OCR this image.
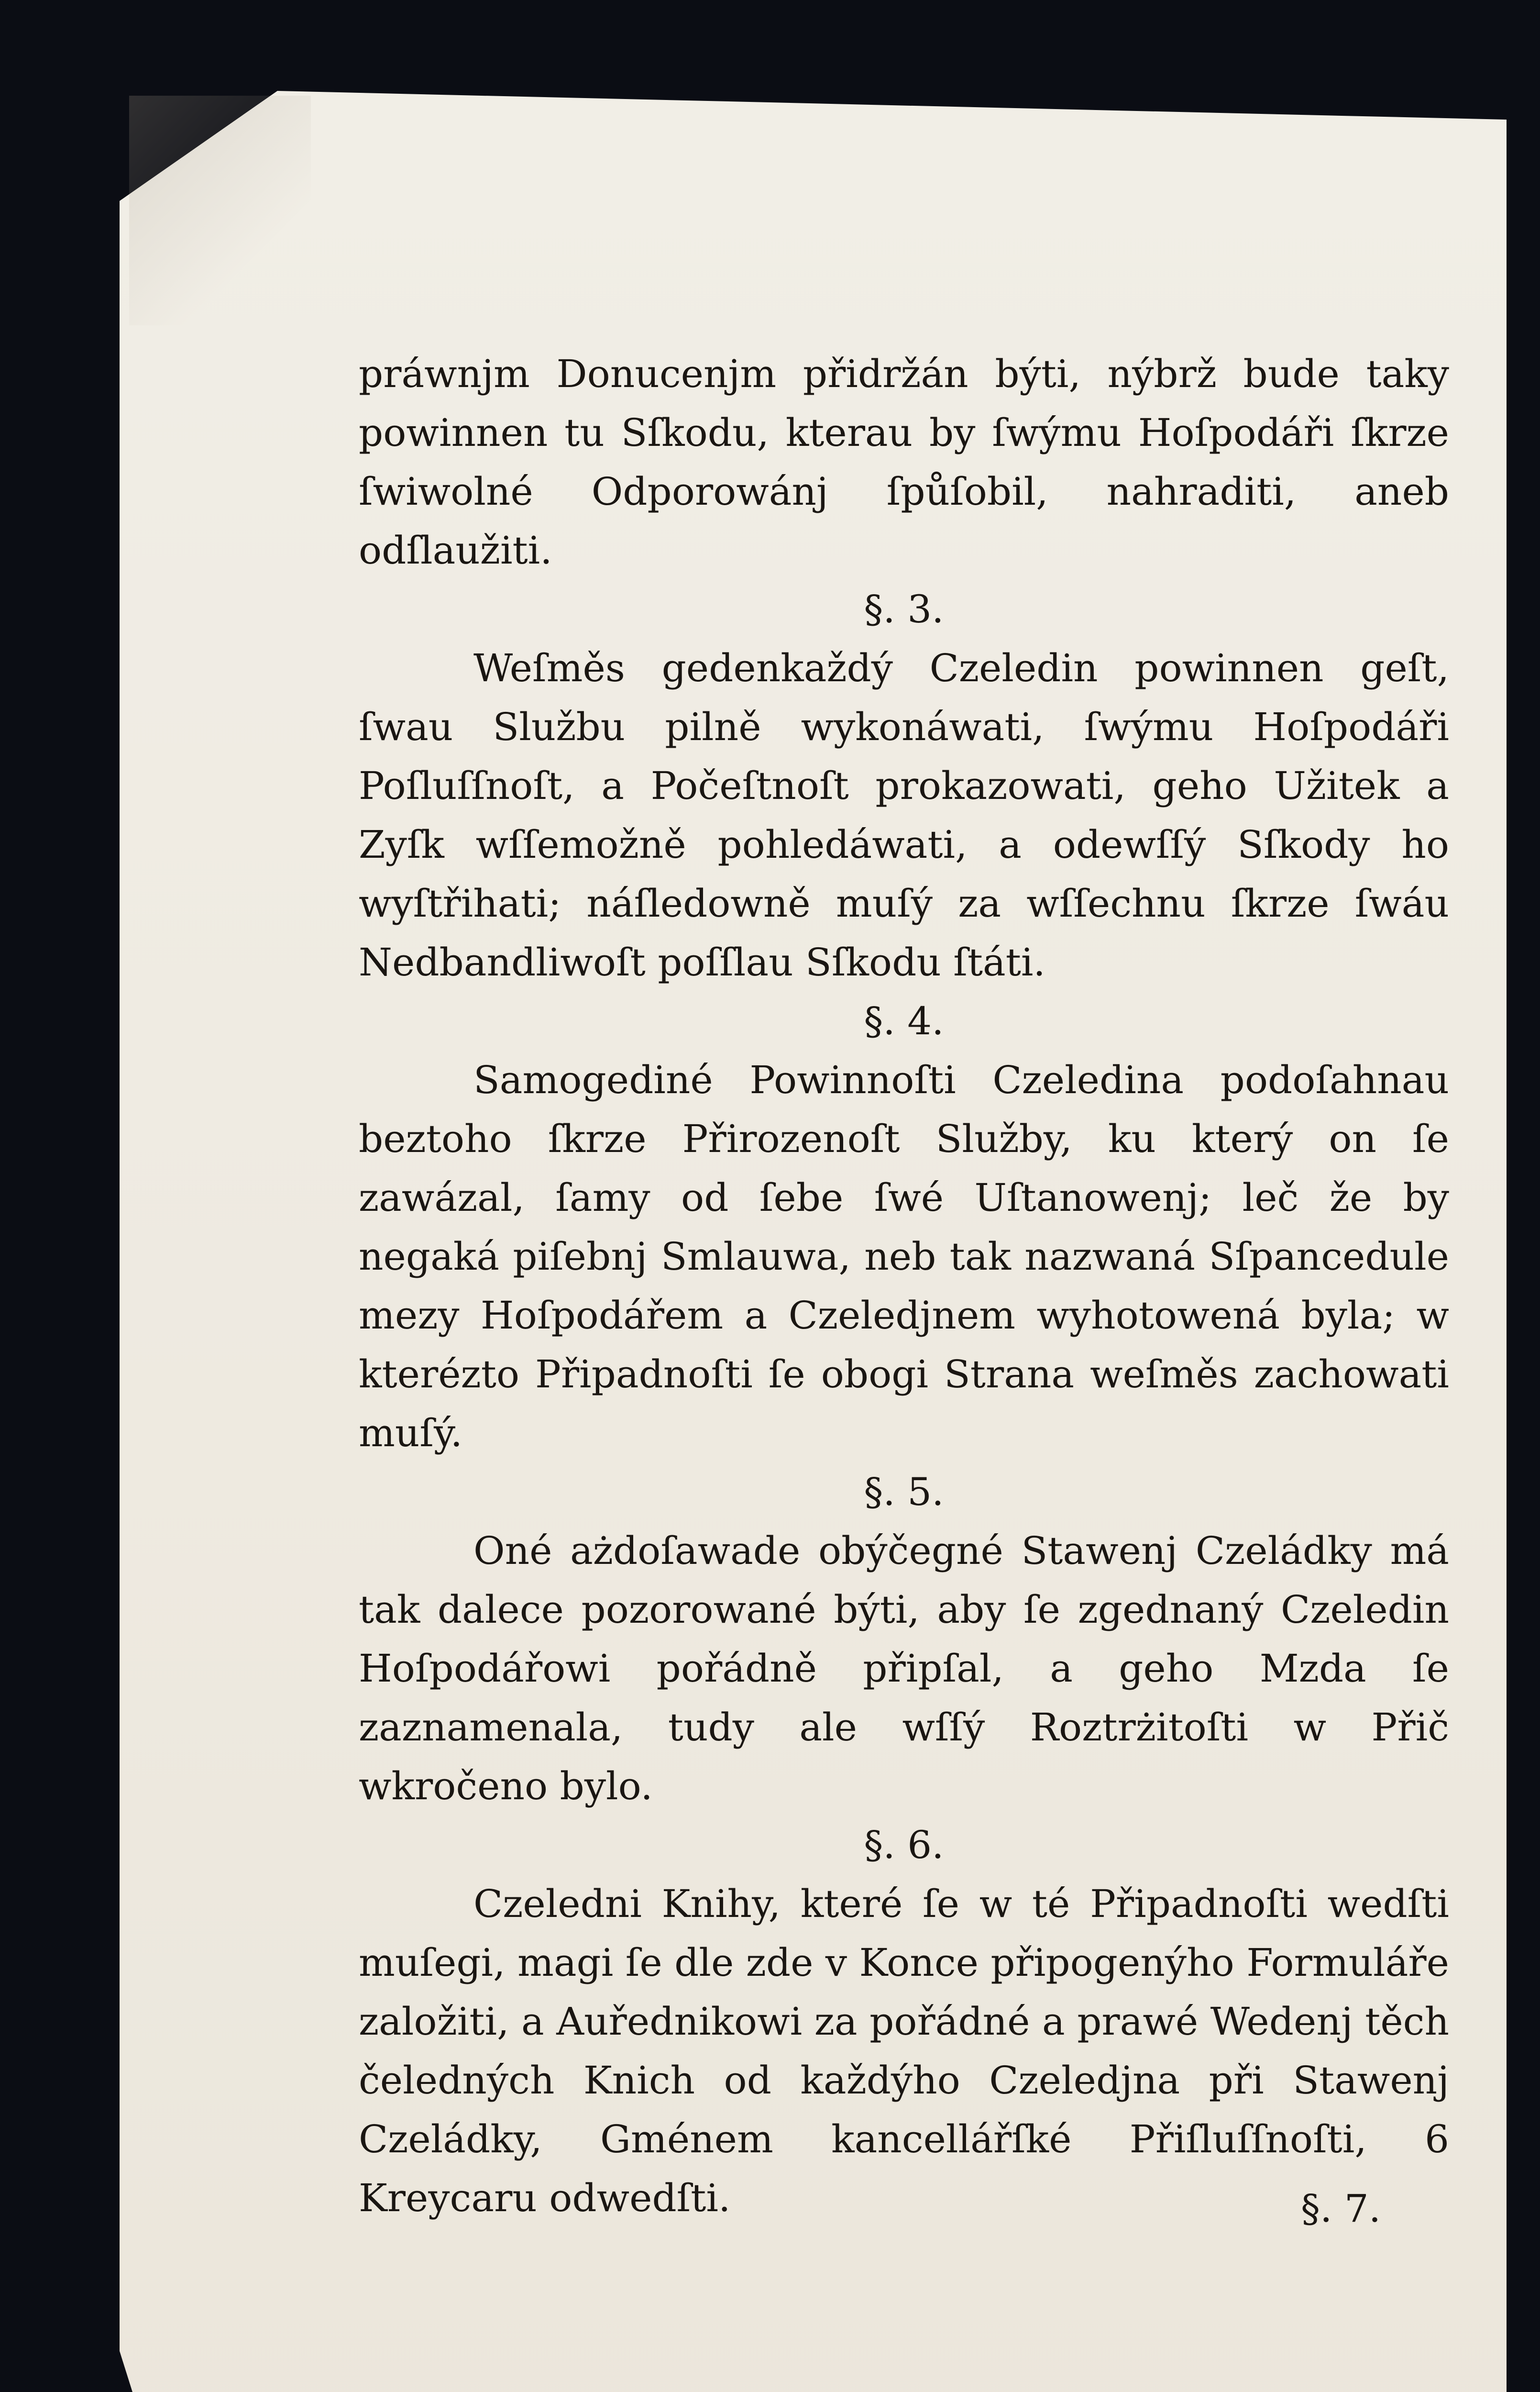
práwnjm Donucenjm přidržán býti, nýbrž bude taky powinnen tu Sſkodu, kterau by ſwýmu Hoſpodáři ſkrze ſwiwolné Odporowánj ſpůſobil, nahraditi, aneb odſlaužiti.

§. 3.

Weſměs gedenkaždý Czeledin powinnen geſt, ſwau Službu pilně wykonáwati, ſwýmu Hoſpodáři Poſluſſnoſt, a Počeſtnoſt prokazowati, geho Užitek a Zyſk wſſemožně pohledáwati, a odewſſý Sſkody ho wyſtřihati; náſledowně muſý za wſſechnu ſkrze ſwáu Nedbandliwoſt poſſlau Sſkodu ſtáti.

§. 4.

Samogediné Powinnoſti Czeledina podoſahnau beztoho ſkrze Přirozenoſt Služby, ku který on ſe zawázal, ſamy od ſebe ſwé Uſtanowenj; leč že by negaká piſebnj Smlauwa, neb tak nazwaná Sſpancedule mezy Hoſpodářem a Czeledjnem wyhotowená byla; w kterézto Připadnoſti ſe obogi Strana weſměs zachowati muſý.

§. 5.

Oné ażdoſawade obýčegné Stawenj Czeládky má tak dalece pozorowané býti, aby ſe zgednaný Czeledin Hoſpodářowi pořádně připſal, a geho Mzda ſe zaznamenala, tudy ale wſſý Roztrżitoſti w Přič wkročeno bylo.

§. 6.

Czeledni Knihy, které ſe w té Připadnoſti wedſti muſegi, magi ſe dle zde v Konce připogenýho Formuláře založiti, a Auřednikowi za pořádné a prawé Wedenj těch čeledných Knich od každýho Czeledjna při Stawenj Czeládky, Gménem kancellářſké Přiſluſſnoſti, 6 Kreycaru odwedſti.	§. 7.
